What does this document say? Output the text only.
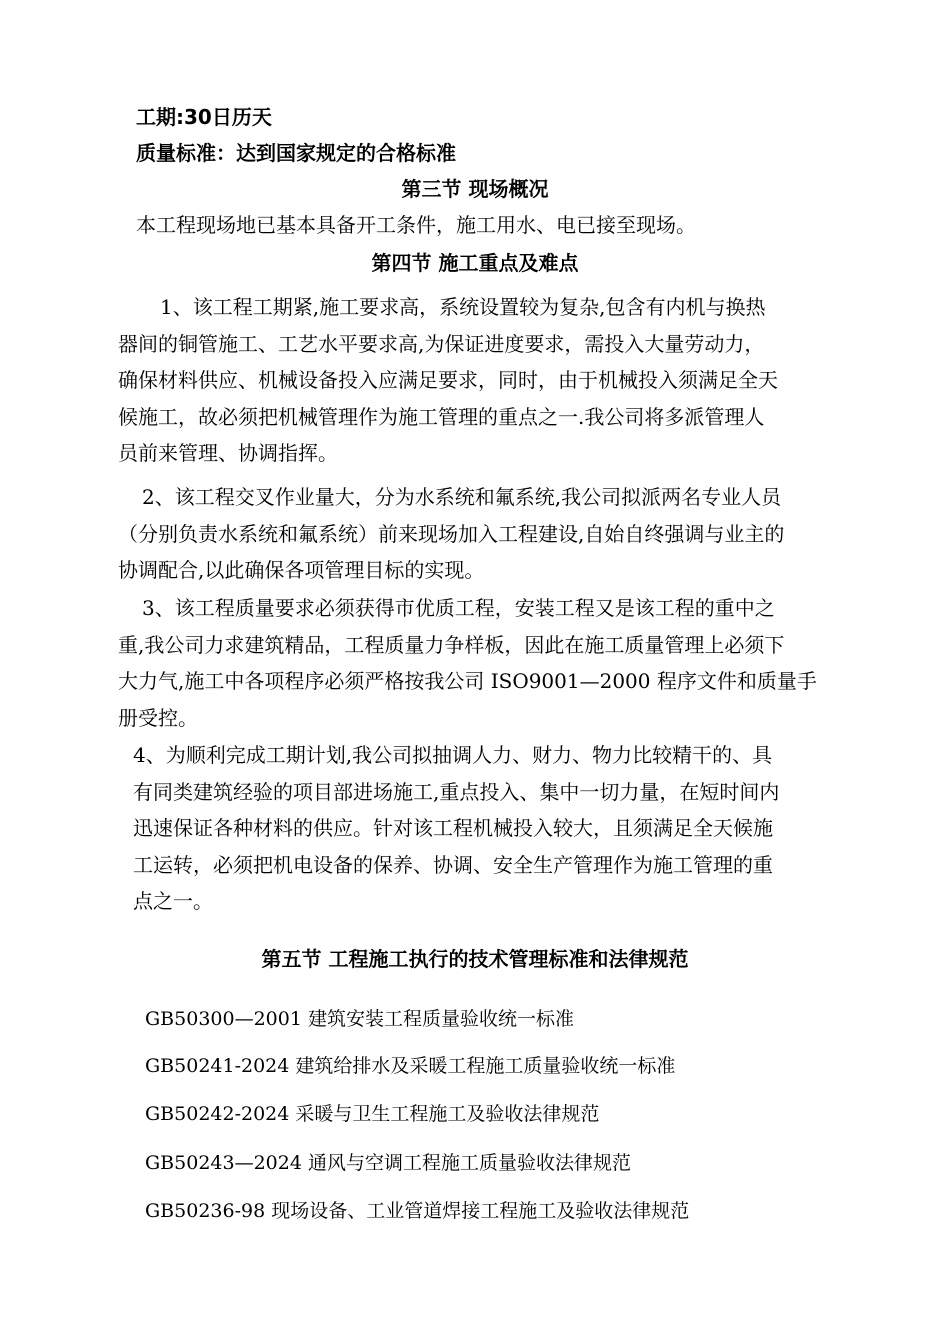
工期:30日历天
质量标准：达到国家规定的合格标准
第三节 现场概况
本工程现场地已基本具备开工条件，施工用水、电已接至现场。
第四节 施工重点及难点

1、该工程工期紧,施工要求高，系统设置较为复杂,包含有内机与换热

器间的铜管施工、工艺水平要求高,为保证进度要求，需投入大量劳动力，

确保材料供应、机械设备投入应满足要求，同时，由于机械投入须满足全天

候施工，故必须把机械管理作为施工管理的重点之一.我公司将多派管理人

员前来管理、协调指挥。

2、该工程交叉作业量大，分为水系统和氟系统,我公司拟派两名专业人员

（分别负责水系统和氟系统）前来现场加入工程建设,自始自终强调与业主的

协调配合,以此确保各项管理目标的实现。

3、该工程质量要求必须获得市优质工程，安装工程又是该工程的重中之

重,我公司力求建筑精品，工程质量力争样板，因此在施工质量管理上必须下

大力气,施工中各项程序必须严格按我公司 ISO9001—2000 程序文件和质量手

册受控。

4、为顺利完成工期计划,我公司拟抽调人力、财力、物力比较精干的、具

有同类建筑经验的项目部进场施工,重点投入、集中一切力量，在短时间内

迅速保证各种材料的供应。针对该工程机械投入较大，且须满足全天候施

工运转，必须把机电设备的保养、协调、安全生产管理作为施工管理的重

点之一。

第五节 工程施工执行的技术管理标准和法律规范
GB50300—2001 建筑安装工程质量验收统一标准
GB50241-2024 建筑给排水及采暖工程施工质量验收统一标准
GB50242-2024 采暖与卫生工程施工及验收法律规范
GB50243—2024 通风与空调工程施工质量验收法律规范
GB50236-98 现场设备、工业管道焊接工程施工及验收法律规范
